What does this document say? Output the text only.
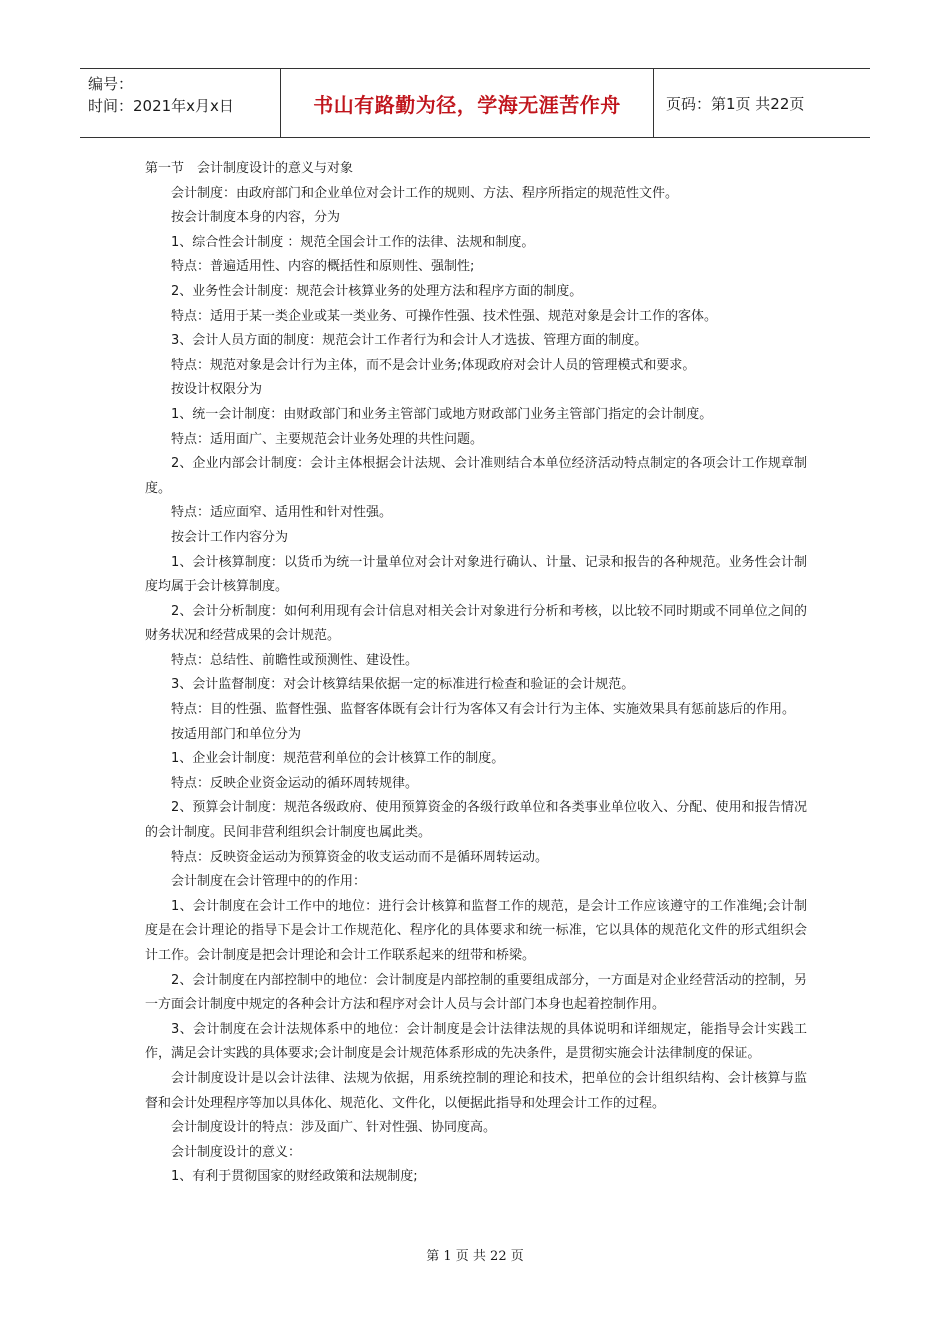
编号：
时间：2021年x月x日	书山有路勤为径，学海无涯苦作舟	页码：第1页 共22页

第一节　会计制度设计的意义与对象

会计制度：由政府部门和企业单位对会计工作的规则、方法、程序所指定的规范性文件。

按会计制度本身的内容，分为

1、综合性会计制度 ：规范全国会计工作的法律、法规和制度。

特点：普遍适用性、内容的概括性和原则性、强制性;

2、业务性会计制度：规范会计核算业务的处理方法和程序方面的制度。

特点：适用于某一类企业或某一类业务、可操作性强、技术性强、规范对象是会计工作的客体。

3、会计人员方面的制度：规范会计工作者行为和会计人才选拔、管理方面的制度。

特点：规范对象是会计行为主体，而不是会计业务;体现政府对会计人员的管理模式和要求。

按设计权限分为

1、统一会计制度：由财政部门和业务主管部门或地方财政部门业务主管部门指定的会计制度。

特点：适用面广、主要规范会计业务处理的共性问题。

2、企业内部会计制度：会计主体根据会计法规、会计准则结合本单位经济活动特点制定的各项会计工作规章制度。

特点：适应面窄、适用性和针对性强。

按会计工作内容分为

1、会计核算制度：以货币为统一计量单位对会计对象进行确认、计量、记录和报告的各种规范。业务性会计制度均属于会计核算制度。

2、会计分析制度：如何利用现有会计信息对相关会计对象进行分析和考核，以比较不同时期或不同单位之间的财务状况和经营成果的会计规范。

特点：总结性、前瞻性或预测性、建设性。

3、会计监督制度：对会计核算结果依据一定的标准进行检查和验证的会计规范。

特点：目的性强、监督性强、监督客体既有会计行为客体又有会计行为主体、实施效果具有惩前毖后的作用。

按适用部门和单位分为

1、企业会计制度：规范营利单位的会计核算工作的制度。

特点：反映企业资金运动的循环周转规律。

2、预算会计制度：规范各级政府、使用预算资金的各级行政单位和各类事业单位收入、分配、使用和报告情况的会计制度。民间非营利组织会计制度也属此类。

特点：反映资金运动为预算资金的收支运动而不是循环周转运动。

会计制度在会计管理中的的作用：

1、会计制度在会计工作中的地位：进行会计核算和监督工作的规范，是会计工作应该遵守的工作准绳;会计制度是在会计理论的指导下是会计工作规范化、程序化的具体要求和统一标准，它以具体的规范化文件的形式组织会计工作。会计制度是把会计理论和会计工作联系起来的纽带和桥梁。

2、会计制度在内部控制中的地位：会计制度是内部控制的重要组成部分，一方面是对企业经营活动的控制，另一方面会计制度中规定的各种会计方法和程序对会计人员与会计部门本身也起着控制作用。

3、会计制度在会计法规体系中的地位：会计制度是会计法律法规的具体说明和详细规定，能指导会计实践工作，满足会计实践的具体要求;会计制度是会计规范体系形成的先决条件，是贯彻实施会计法律制度的保证。

会计制度设计是以会计法律、法规为依据，用系统控制的理论和技术，把单位的会计组织结构、会计核算与监督和会计处理程序等加以具体化、规范化、文件化，以便据此指导和处理会计工作的过程。

会计制度设计的特点：涉及面广、针对性强、协同度高。

会计制度设计的意义：

1、有利于贯彻国家的财经政策和法规制度;

第 1 页 共 22 页
